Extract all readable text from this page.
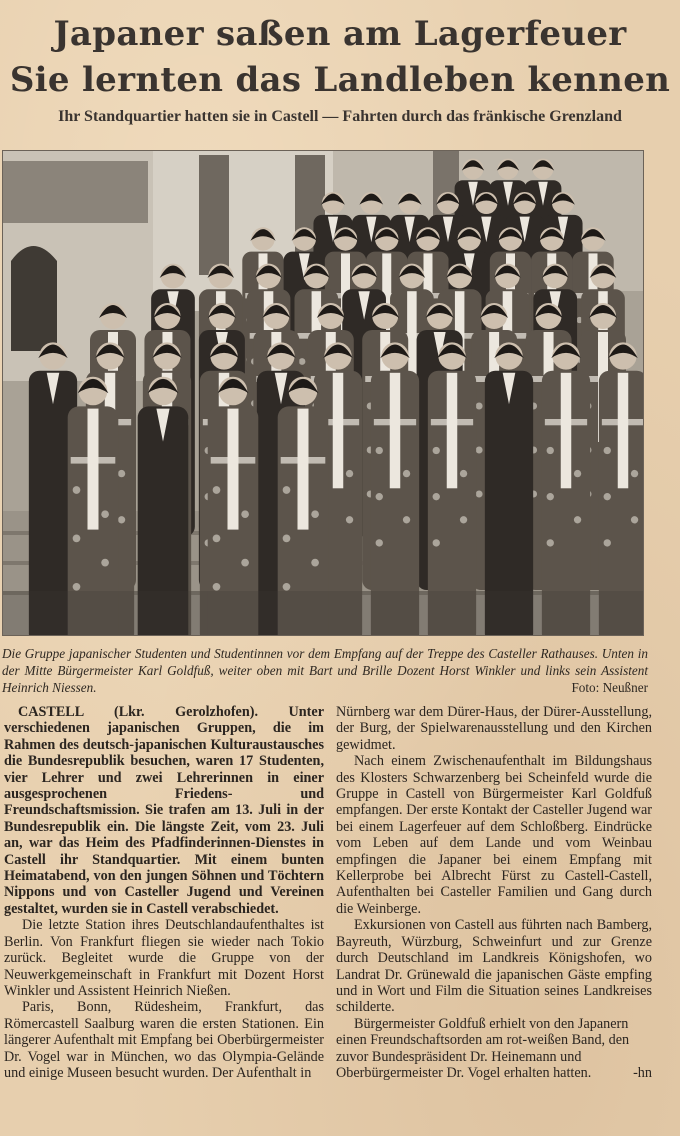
Japaner saßen am Lagerfeuer
Sie lernten das Landleben kennen

Ihr Standquartier hatten sie in Castell — Fahrten durch das fränkische Grenzland

Die Gruppe japanischer Studenten und Studentinnen vor dem Empfang auf der Treppe des Casteller Rathauses. Unten in der Mitte Bürgermeister Karl Goldfuß, weiter oben mit Bart und Brille Dozent Horst Winkler und links sein Assistent Heinrich Niessen.	Foto: Neußner

CASTELL (Lkr. Gerolzhofen). Unter verschiedenen japanischen Gruppen, die im Rahmen des deutsch-japanischen Kulturaustausches die Bundesrepublik besuchen, waren 17 Studenten, vier Lehrer und zwei Lehrerinnen in einer ausgesprochenen Friedens- und Freundschaftsmission. Sie trafen am 13. Juli in der Bundesrepublik ein. Die längste Zeit, vom 23. Juli an, war das Heim des Pfadfinderinnen-Dienstes in Castell ihr Standquartier. Mit einem bunten Heimatabend, von den jungen Söhnen und Töchtern Nippons und von Casteller Jugend und Vereinen gestaltet, wurden sie in Castell verabschiedet.

Die letzte Station ihres Deutschlandaufenthaltes ist Berlin. Von Frankfurt fliegen sie wieder nach Tokio zurück. Begleitet wurde die Gruppe von der Neuwerkgemeinschaft in Frankfurt mit Dozent Horst Winkler und Assistent Heinrich Nießen.

Paris, Bonn, Rüdesheim, Frankfurt, das Römercastell Saalburg waren die ersten Stationen. Ein längerer Aufenthalt mit Empfang bei Oberbürgermeister Dr. Vogel war in München, wo das Olympia-Gelände und einige Museen besucht wurden. Der Aufenthalt in

Nürnberg war dem Dürer-Haus, der Dürer-Ausstellung, der Burg, der Spielwarenausstellung und den Kirchen gewidmet.

Nach einem Zwischenaufenthalt im Bildungshaus des Klosters Schwarzenberg bei Scheinfeld wurde die Gruppe in Castell von Bürgermeister Karl Goldfuß empfangen. Der erste Kontakt der Casteller Jugend war bei einem Lagerfeuer auf dem Schloßberg. Eindrücke vom Leben auf dem Lande und vom Weinbau empfingen die Japaner bei einem Empfang mit Kellerprobe bei Albrecht Fürst zu Castell-Castell, Aufenthalten bei Casteller Familien und Gang durch die Weinberge.

Exkursionen von Castell aus führten nach Bamberg, Bayreuth, Würzburg, Schweinfurt und zur Grenze durch Deutschland im Landkreis Königshofen, wo Landrat Dr. Grünewald die japanischen Gäste empfing und in Wort und Film die Situation seines Landkreises schilderte.

Bürgermeister Goldfuß erhielt von den Japanern einen Freundschaftsorden am rot-weißen Band, den zuvor Bundespräsident Dr. Heinemann und Oberbürgermeister Dr. Vogel erhalten hatten.	-hn
